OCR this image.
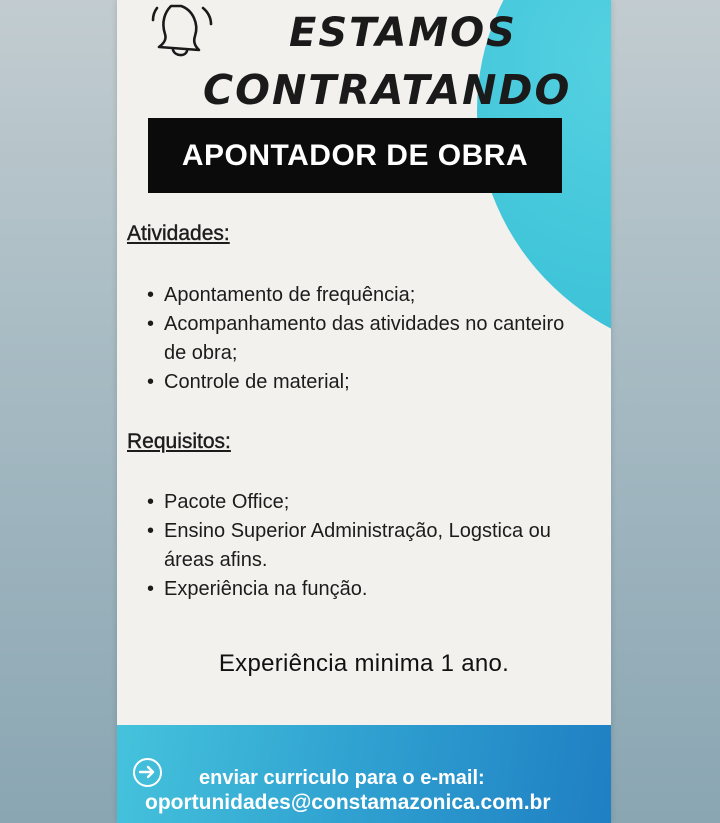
ESTAMOS
CONTRATANDO
APONTADOR DE OBRA
Atividades:
• Apontamento de frequência;
• Acompanhamento das atividades no canteiro de obra;
• Controle de material;
Requisitos:
• Pacote Office;
• Ensino Superior Administração, Logstica ou áreas afins.
• Experiência na função.
Experiência minima 1 ano.
enviar curriculo para o e-mail:
oportunidades@constamazonica.com.br
